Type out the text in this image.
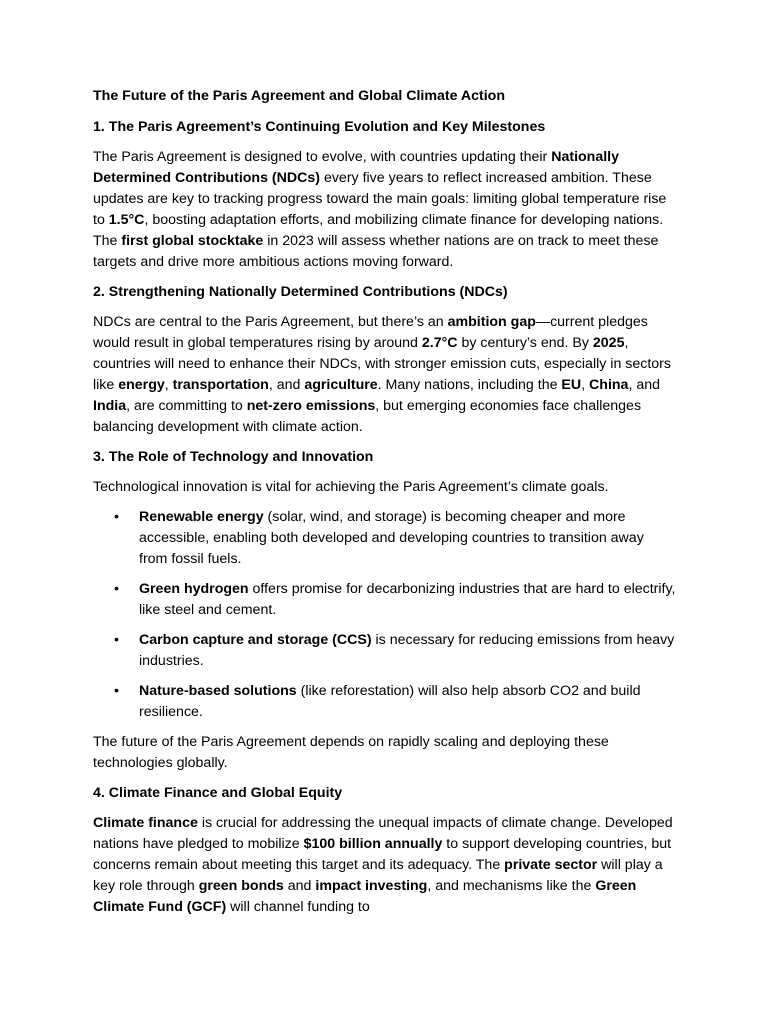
The Future of the Paris Agreement and Global Climate Action
1. The Paris Agreement’s Continuing Evolution and Key Milestones

The Paris Agreement is designed to evolve, with countries updating their Nationally Determined Contributions (NDCs) every five years to reflect increased ambition. These updates are key to tracking progress toward the main goals: limiting global temperature rise to 1.5°C, boosting adaptation efforts, and mobilizing climate finance for developing nations. The first global stocktake in 2023 will assess whether nations are on track to meet these targets and drive more ambitious actions moving forward.

2. Strengthening Nationally Determined Contributions (NDCs)

NDCs are central to the Paris Agreement, but there’s an ambition gap—current pledges would result in global temperatures rising by around 2.7°C by century’s end. By 2025, countries will need to enhance their NDCs, with stronger emission cuts, especially in sectors like energy, transportation, and agriculture. Many nations, including the EU, China, and India, are committing to net-zero emissions, but emerging economies face challenges balancing development with climate action.

3. The Role of Technology and Innovation

Technological innovation is vital for achieving the Paris Agreement’s climate goals.

•	Renewable energy (solar, wind, and storage) is becoming cheaper and more accessible, enabling both developed and developing countries to transition away from fossil fuels.
•	Green hydrogen offers promise for decarbonizing industries that are hard to electrify, like steel and cement.
•	Carbon capture and storage (CCS) is necessary for reducing emissions from heavy industries.
•	Nature-based solutions (like reforestation) will also help absorb CO2 and build resilience.

The future of the Paris Agreement depends on rapidly scaling and deploying these technologies globally.

4. Climate Finance and Global Equity

Climate finance is crucial for addressing the unequal impacts of climate change. Developed nations have pledged to mobilize $100 billion annually to support developing countries, but concerns remain about meeting this target and its adequacy. The private sector will play a key role through green bonds and impact investing, and mechanisms like the Green Climate Fund (GCF) will channel funding to
